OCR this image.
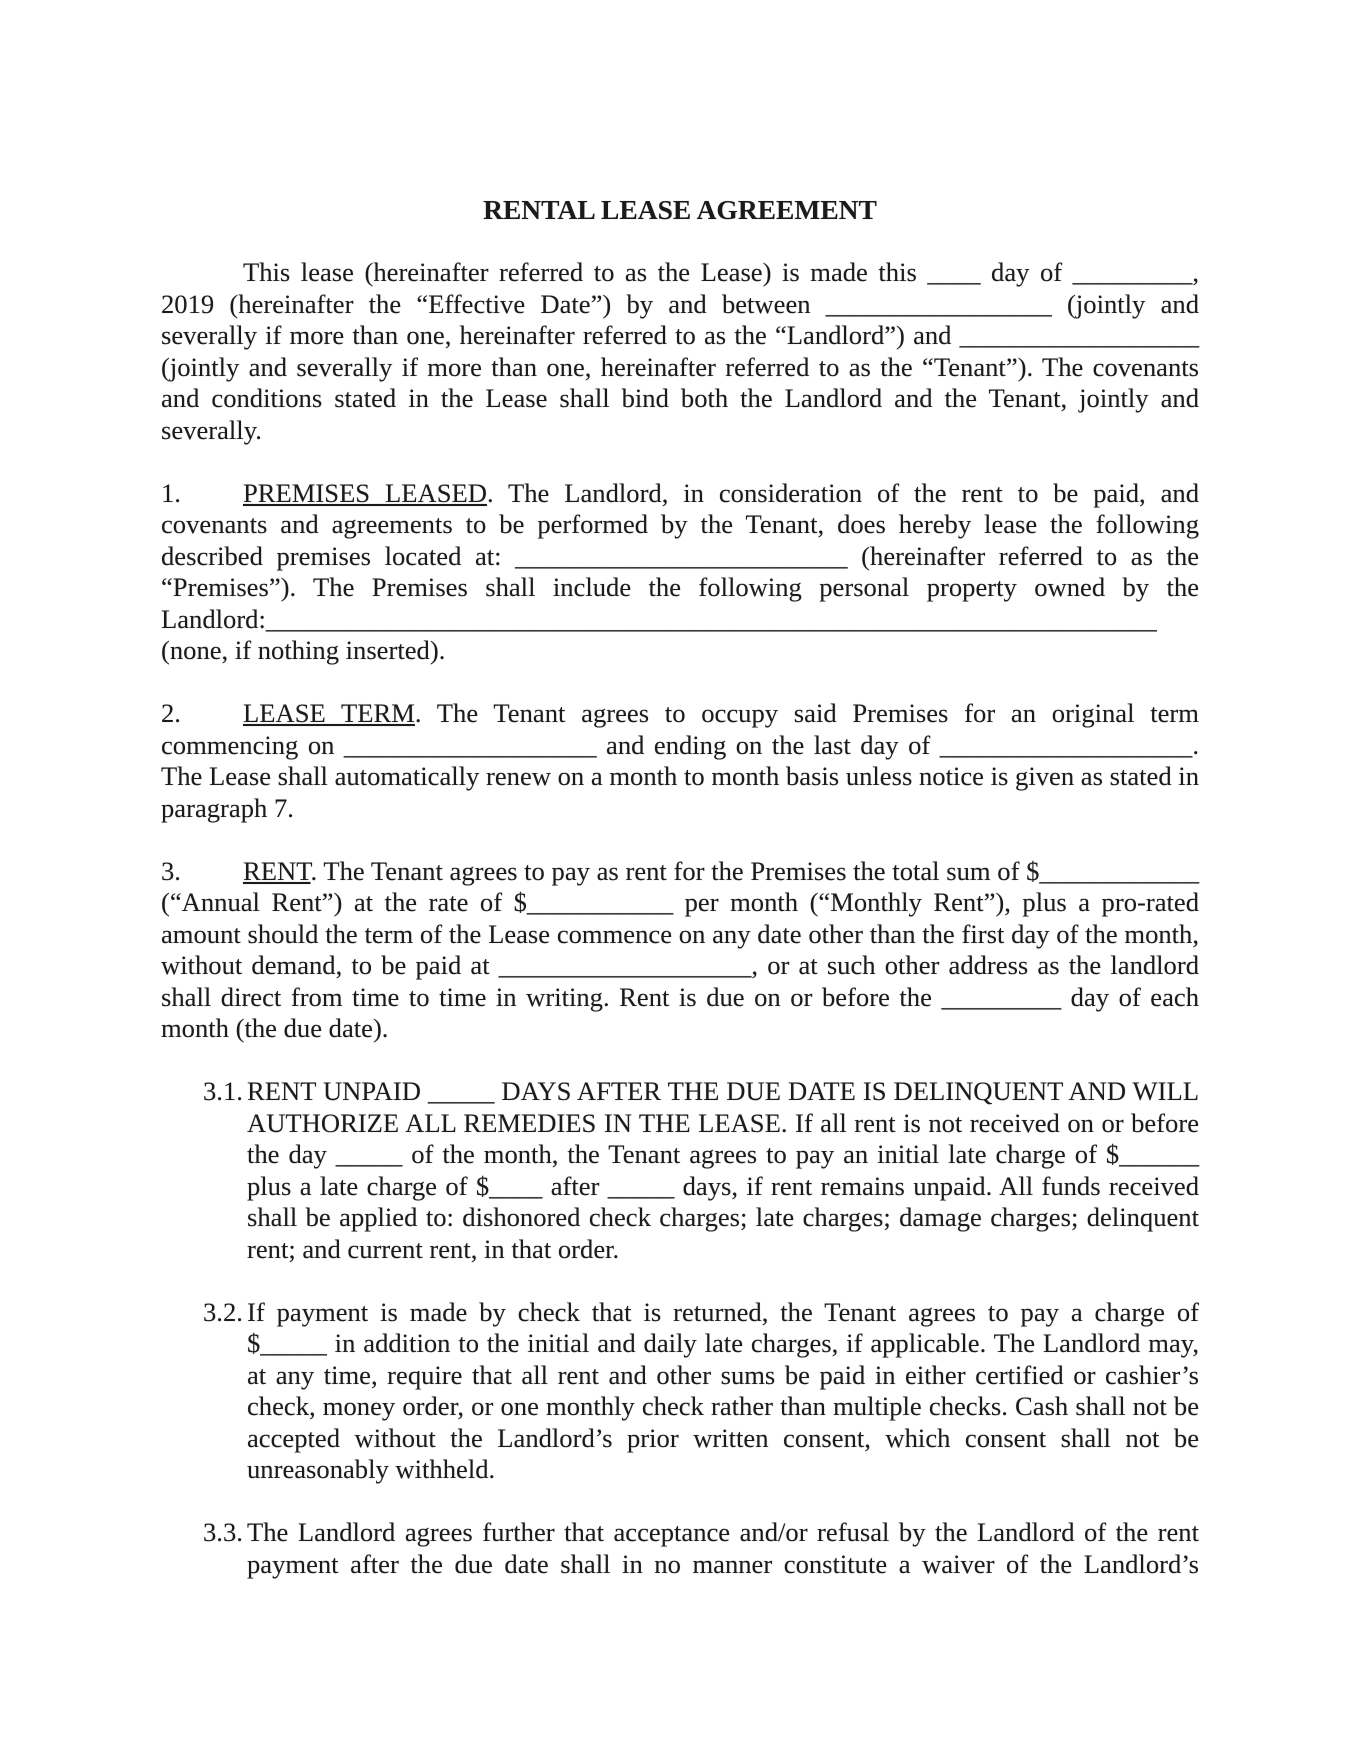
RENTAL LEASE AGREEMENT

This lease (hereinafter referred to as the Lease) is made this ____ day of _________, 2019 (hereinafter the “Effective Date”) by and between _________________ (jointly and severally if more than one, hereinafter referred to as the “Landlord”) and __________________ (jointly and severally if more than one, hereinafter referred to as the “Tenant”). The covenants and conditions stated in the Lease shall bind both the Landlord and the Tenant, jointly and severally.

1. PREMISES LEASED. The Landlord, in consideration of the rent to be paid, and covenants and agreements to be performed by the Tenant, does hereby lease the following described premises located at: _________________________ (hereinafter referred to as the “Premises”). The Premises shall include the following personal property owned by the Landlord:___________________________________________________________________ (none, if nothing inserted).

2. LEASE TERM. The Tenant agrees to occupy said Premises for an original term commencing on ___________________ and ending on the last day of ___________________. The Lease shall automatically renew on a month to month basis unless notice is given as stated in paragraph 7.

3. RENT. The Tenant agrees to pay as rent for the Premises the total sum of $____________ (“Annual Rent”) at the rate of $___________ per month (“Monthly Rent”), plus a pro-rated amount should the term of the Lease commence on any date other than the first day of the month, without demand, to be paid at ___________________, or at such other address as the landlord shall direct from time to time in writing. Rent is due on or before the _________ day of each month (the due date).

3.1. RENT UNPAID _____ DAYS AFTER THE DUE DATE IS DELINQUENT AND WILL AUTHORIZE ALL REMEDIES IN THE LEASE. If all rent is not received on or before the day _____ of the month, the Tenant agrees to pay an initial late charge of $______ plus a late charge of $____ after _____ days, if rent remains unpaid. All funds received shall be applied to: dishonored check charges; late charges; damage charges; delinquent rent; and current rent, in that order.

3.2. If payment is made by check that is returned, the Tenant agrees to pay a charge of $_____ in addition to the initial and daily late charges, if applicable. The Landlord may, at any time, require that all rent and other sums be paid in either certified or cashier’s check, money order, or one monthly check rather than multiple checks. Cash shall not be accepted without the Landlord’s prior written consent, which consent shall not be unreasonably withheld.

3.3. The Landlord agrees further that acceptance and/or refusal by the Landlord of the rent payment after the due date shall in no manner constitute a waiver of the Landlord’s
